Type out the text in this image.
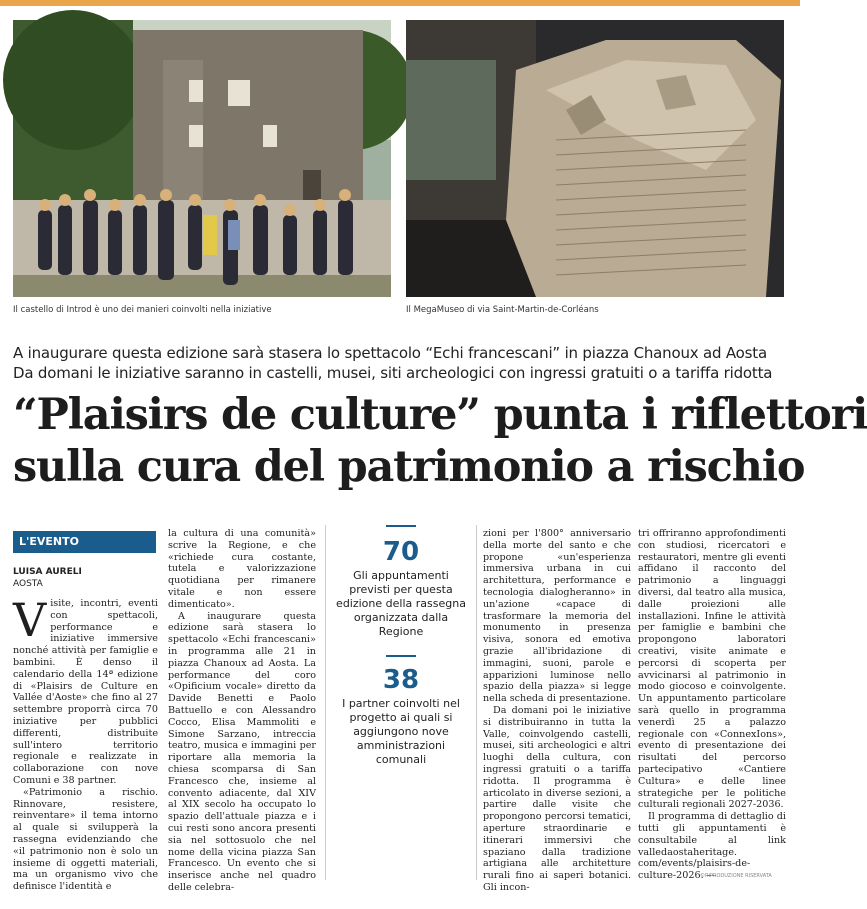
Il castello di Introd è uno dei manieri coinvolti nella iniziative	Il MegaMuseo di via Saint-Martin-de-Corléans
A inaugurare questa edizione sarà stasera lo spettacolo “Echi francescani” in piazza Chanoux ad Aosta
Da domani le iniziative saranno in castelli, musei, siti archeologici con ingressi gratuiti o a tariffa ridotta
“Plaisirs de culture” punta i riflettori
sulla cura del patrimonio a rischio
L'EVENTO
LUISA AURELI
AOSTA

Visite, incontri, eventi con spettacoli, performance e iniziative immersive nonché attività per famiglie e bambini. È denso il calendario della 14ª edizione di «Plaisirs de Culture en Vallée d'Aoste» che fino al 27 settembre proporrà circa 70 iniziative per pubblici differenti, distribuite sull'intero territorio regionale e realizzate in collaborazione con nove Comuni e 38 partner.

«Patrimonio a rischio. Rinnovare, resistere, reinventare» il tema intorno al quale si svilupperà la rassegna evidenziando che «il patrimonio non è solo un insieme di oggetti materiali, ma un organismo vivo che definisce l'identità e

la cultura di una comunità» scrive la Regione, e che «richiede cura costante, tutela e valorizzazione quotidiana per rimanere vitale e non essere dimenticato».

A inaugurare questa edizione sarà stasera lo spettacolo «Echi francescani» in programma alle 21 in piazza Chanoux ad Aosta. La performance del coro «Opificium vocale» diretto da Davide Benetti e Paolo Battuello e con Alessandro Cocco, Elisa Mammoliti e Simone Sarzano, intreccia teatro, musica e immagini per riportare alla memoria la chiesa scomparsa di San Francesco che, insieme al convento adiacente, dal XIV al XIX secolo ha occupato lo spazio dell'attuale piazza e i cui resti sono ancora presenti sia nel sottosuolo che nel nome della vicina piazza San Francesco. Un evento che si inserisce anche nel quadro delle celebra-

70
Gli appuntamenti previsti per questa edizione della rassegna organizzata dalla Regione
38
I partner coinvolti nel progetto ai quali si aggiungono nove amministrazioni comunali

zioni per l'800° anniversario della morte del santo e che propone «un'esperienza immersiva urbana in cui architettura, performance e tecnologia dialogheranno» in un'azione «capace di trasformare la memoria del monumento in presenza visiva, sonora ed emotiva grazie all'ibridazione di immagini, suoni, parole e apparizioni luminose nello spazio della piazza» si legge nella scheda di presentazione.

Da domani poi le iniziative si distribuiranno in tutta la Valle, coinvolgendo castelli, musei, siti archeologici e altri luoghi della cultura, con ingressi gratuiti o a tariffa ridotta. Il programma è articolato in diverse sezioni, a partire dalle visite che propongono percorsi tematici, aperture straordinarie e itinerari immersivi che spaziano dalla tradizione artigiana alle architetture rurali fino ai saperi botanici. Gli incon-

tri offriranno approfondimenti con studiosi, ricercatori e restauratori, mentre gli eventi affidano il racconto del patrimonio a linguaggi diversi, dal teatro alla musica, dalle proiezioni alle installazioni. Infine le attività per famiglie e bambini che propongono laboratori creativi, visite animate e percorsi di scoperta per avvicinarsi al patrimonio in modo giocoso e coinvolgente. Un appuntamento particolare sarà quello in programma venerdì 25 a palazzo regionale con «ConnexIons», evento di presentazione dei risultati del percorso partecipativo «Cantiere Cultura» e delle linee strategiche per le politiche culturali regionali 2027-2036.

Il programma di dettaglio di tutti gli appuntamenti è consultabile al link valledaostaheritage. com/events/plaisirs-de-culture-2026. —

©RIPRODUZIONE RISERVATA
